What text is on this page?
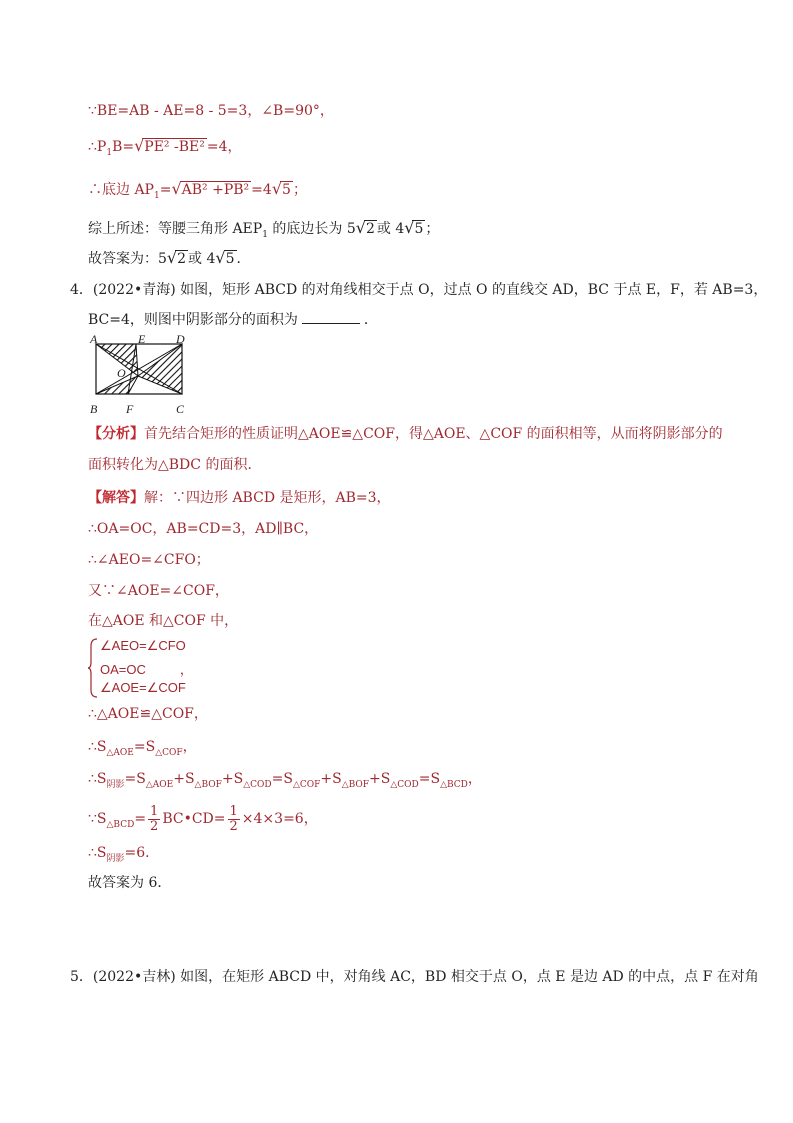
∵BE=AB - AE=8 - 5=3，∠B=90°，
$\therefore P_1B=√PE^2$ -BE² =4，
∴底边 $AP_1=√AB^2 +PB^2 =4√5$ ；
综上所述：等腰三角形 $AEP_1$ 的底边长为 5√2 或 4√5 ；
故答案为：5√2 或 4√5 ．
4．(2022•青海) 如图，矩形 ABCD 的对角线相交于点 O，过点 O 的直线交 AD，BC 于点 E，F，若 AB=3，
BC=4，则图中阴影部分的面积为	．
A	E	D
O
B F	C
【分析】首先结合矩形的性质证明△AOE≌△COF，得△AOE、△COF 的面积相等，从而将阴影部分的
面积转化为△BDC 的面积．
【解答】解：∵四边形 ABCD 是矩形，AB=3，
∴OA=OC，AB=CD=3，AD∥BC，
∴∠AEO=∠CFO；
又∵∠AOE=∠COF，
在△AOE 和△COF 中，
∠AEO=∠CFO
OA=OC	，
∠AOE=∠COF
∴△AOE≌△COF，
$\therefore S_{\triangle AOE}=S_{\triangle COF}$，
$\therefore S_{阴影}=S_{\triangle AOE}+S_{\triangle BOF}+S_{\triangle COD}=S_{\triangle COF}+S_{\triangle BOF}+S_{\triangle COD}=S_{\triangle BCD}$，
$\because S_{\triangle BCD}= \frac{1}{2}$ BC•CD= $\frac{1}{2} \times 4\times 3=6$，
$\therefore S_{阴影}=6$．
故答案为 6．
5．(2022•吉林) 如图，在矩形 ABCD 中，对角线 AC，BD 相交于点 O，点 E 是边 AD 的中点，点 F 在对角
